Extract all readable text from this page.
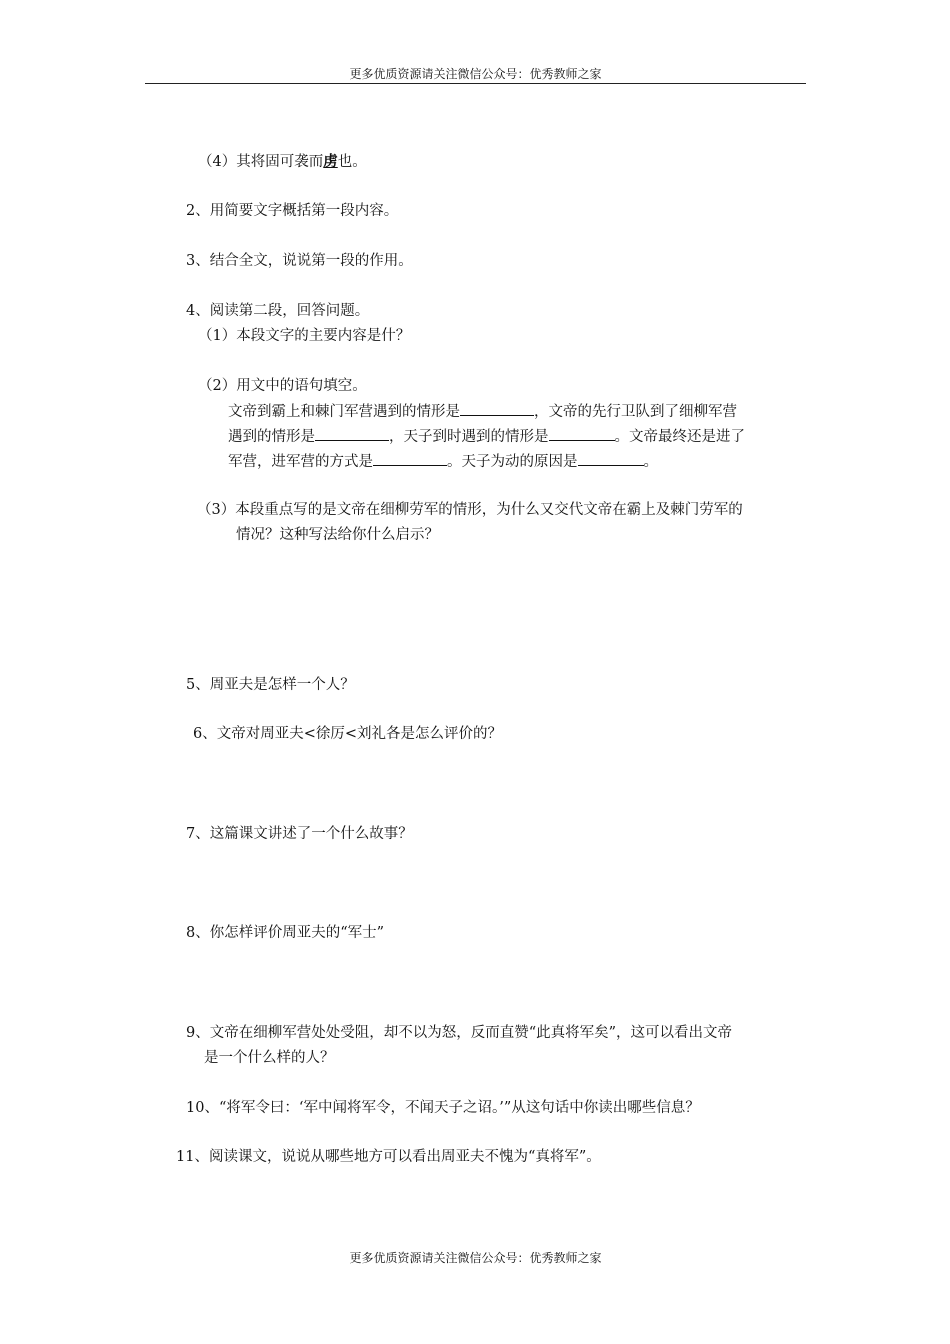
更多优质资源请关注微信公众号：优秀教师之家
（4）其将固可袭而虏也。
2、用简要文字概括第一段内容。
3、结合全文，说说第一段的作用。
4、阅读第二段，回答问题。
（1）本段文字的主要内容是什？
（2）用文中的语句填空。
文帝到霸上和棘门军营遇到的情形是	，文帝的先行卫队到了细柳军营
遇到的情形是	，天子到时遇到的情形是	。文帝最终还是进了
军营，进军营的方式是	。天子为动的原因是	。
（3）本段重点写的是文帝在细柳劳军的情形，为什么又交代文帝在霸上及棘门劳军的
情况？这种写法给你什么启示？
5、周亚夫是怎样一个人？
6、文帝对周亚夫<徐厉<刘礼各是怎么评价的？
7、这篇课文讲述了一个什么故事？
8、你怎样评价周亚夫的“军士”
9、文帝在细柳军营处处受阻，却不以为怒，反而直赞“此真将军矣”，这可以看出文帝
是一个什么样的人？
10、“将军令曰：‘军中闻将军令，不闻天子之诏。’”从这句话中你读出哪些信息？
11、阅读课文，说说从哪些地方可以看出周亚夫不愧为“真将军”。
更多优质资源请关注微信公众号：优秀教师之家
